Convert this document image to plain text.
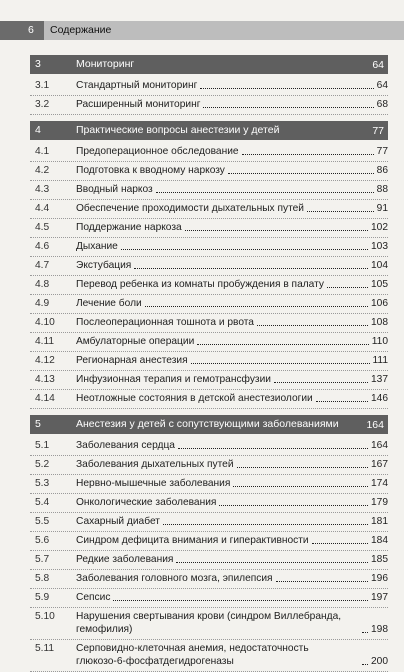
6	Содержание
3	Мониторинг	64
3.1	Стандартный мониторинг	64
3.2	Расширенный мониторинг	68
4	Практические вопросы анестезии у детей	77
4.1	Предоперационное обследование	77
4.2	Подготовка к вводному наркозу	86
4.3	Вводный наркоз	88
4.4	Обеспечение проходимости дыхательных путей	91
4.5	Поддержание наркоза	102
4.6	Дыхание	103
4.7	Экстубация	104
4.8	Перевод ребенка из комнаты пробуждения в палату	105
4.9	Лечение боли	106
4.10 Послеоперационная тошнота и рвота	108
4.11 Амбулаторные операции	110
4.12 Регионарная анестезия	111
4.13 Инфузионная терапия и гемотрансфузии	137
4.14 Неотложные состояния в детской анестезиологии	146
5	Анестезия у детей с сопутствующими заболеваниями	164
5.1	Заболевания сердца	164
5.2	Заболевания дыхательных путей	167
5.3	Нервно-мышечные заболевания	174
5.4	Онкологические заболевания	179
5.5	Сахарный диабет	181
5.6	Синдром дефицита внимания и гиперактивности	184
5.7	Редкие заболевания	185
5.8	Заболевания головного мозга, эпилепсия	196
5.9	Сепсис	197
5.10 Нарушения свертывания крови (синдром Виллебранда, гемофилия)	198
5.11 Серповидно-клеточная анемия, недостаточность глюкозо-6-фосфатдегидрогеназы	200
